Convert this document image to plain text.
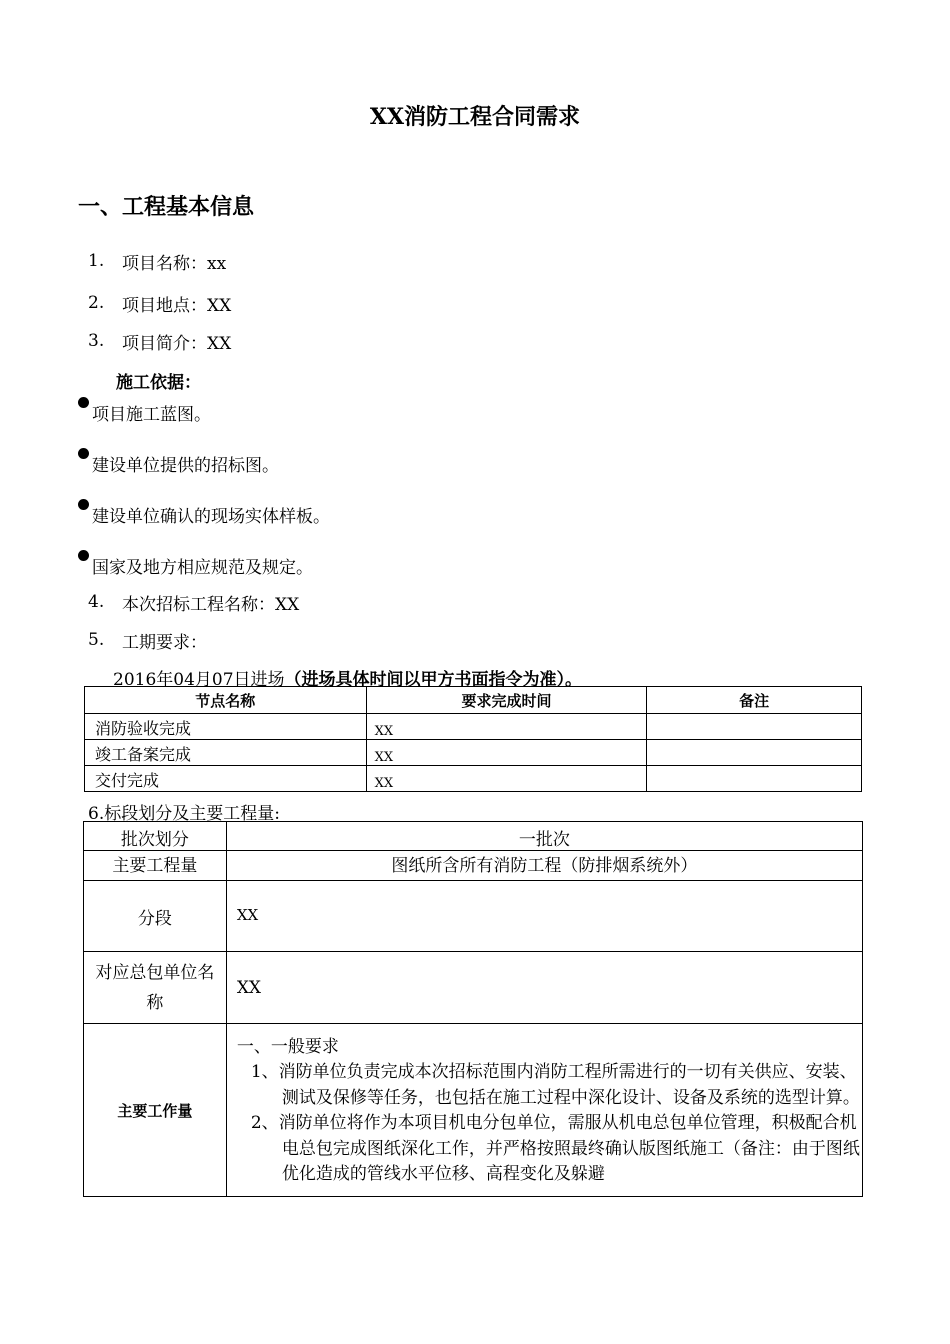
XX消防工程合同需求
一、工程基本信息
1. 项目名称：xx
2. 项目地点：XX
3. 项目简介：XX
施工依据：
项目施工蓝图。
建设单位提供的招标图。
建设单位确认的现场实体样板。
国家及地方相应规范及规定。
4. 本次招标工程名称：XX
5. 工期要求：
2016年04月07日进场（进场具体时间以甲方书面指令为准）。
节点名称	要求完成时间	备注
消防验收完成	XX	
竣工备案完成	XX	
交付完成	XX	
6.标段划分及主要工程量:
批次划分	一批次
主要工程量	图纸所含所有消防工程（防排烟系统外）
分段	XX
对应总包单位名称	XX
主要工作量	一、一般要求
1、消防单位负责完成本次招标范围内消防工程所需进行的一切有关供应、安装、测试及保修等任务，也包括在施工过程中深化设计、设备及系统的选型计算。
2、消防单位将作为本项目机电分包单位，需服从机电总包单位管理，积极配合机电总包完成图纸深化工作，并严格按照最终确认版图纸施工（备注：由于图纸优化造成的管线水平位移、高程变化及躲避
